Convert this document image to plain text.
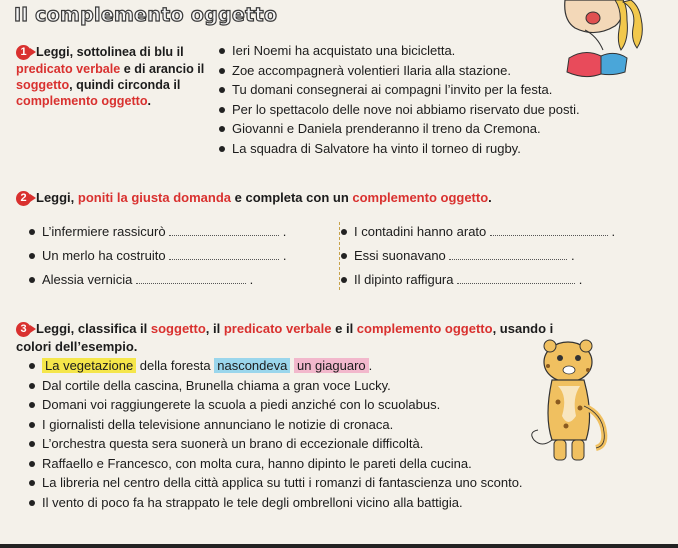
Il complemento oggetto
1 Leggi, sottolinea di blu il predicato verbale e di arancio il soggetto, quindi circonda il complemento oggetto.
Ieri Noemi ha acquistato una bicicletta.
Zoe accompagnerà volentieri Ilaria alla stazione.
Tu domani consegnerai ai compagni l’invito per la festa.
Per lo spettacolo delle nove noi abbiamo riservato due posti.
Giovanni e Daniela prenderanno il treno da Cremona.
La squadra di Salvatore ha vinto il torneo di rugby.
2 Leggi, poniti la giusta domanda e completa con un complemento oggetto.
L’infermiere rassicurò	.
Un merlo ha costruito	.
Alessia vernicia	.
I contadini hanno arato	.
Essi suonavano	.
Il dipinto raffigura	.
3 Leggi, classifica il soggetto, il predicato verbale e il complemento oggetto, usando i colori dell’esempio.
La vegetazione della foresta nascondeva un giaguaro .
Dal cortile della cascina, Brunella chiama a gran voce Lucky.
Domani voi raggiungerete la scuola a piedi anziché con lo scuolabus.
I giornalisti della televisione annunciano le notizie di cronaca.
L’orchestra questa sera suonerà un brano di eccezionale difficoltà.
Raffaello e Francesco, con molta cura, hanno dipinto le pareti della cucina.
La libreria nel centro della città applica su tutti i romanzi di fantascienza uno sconto.
Il vento di poco fa ha strappato le tele degli ombrelloni vicino alla battigia.
